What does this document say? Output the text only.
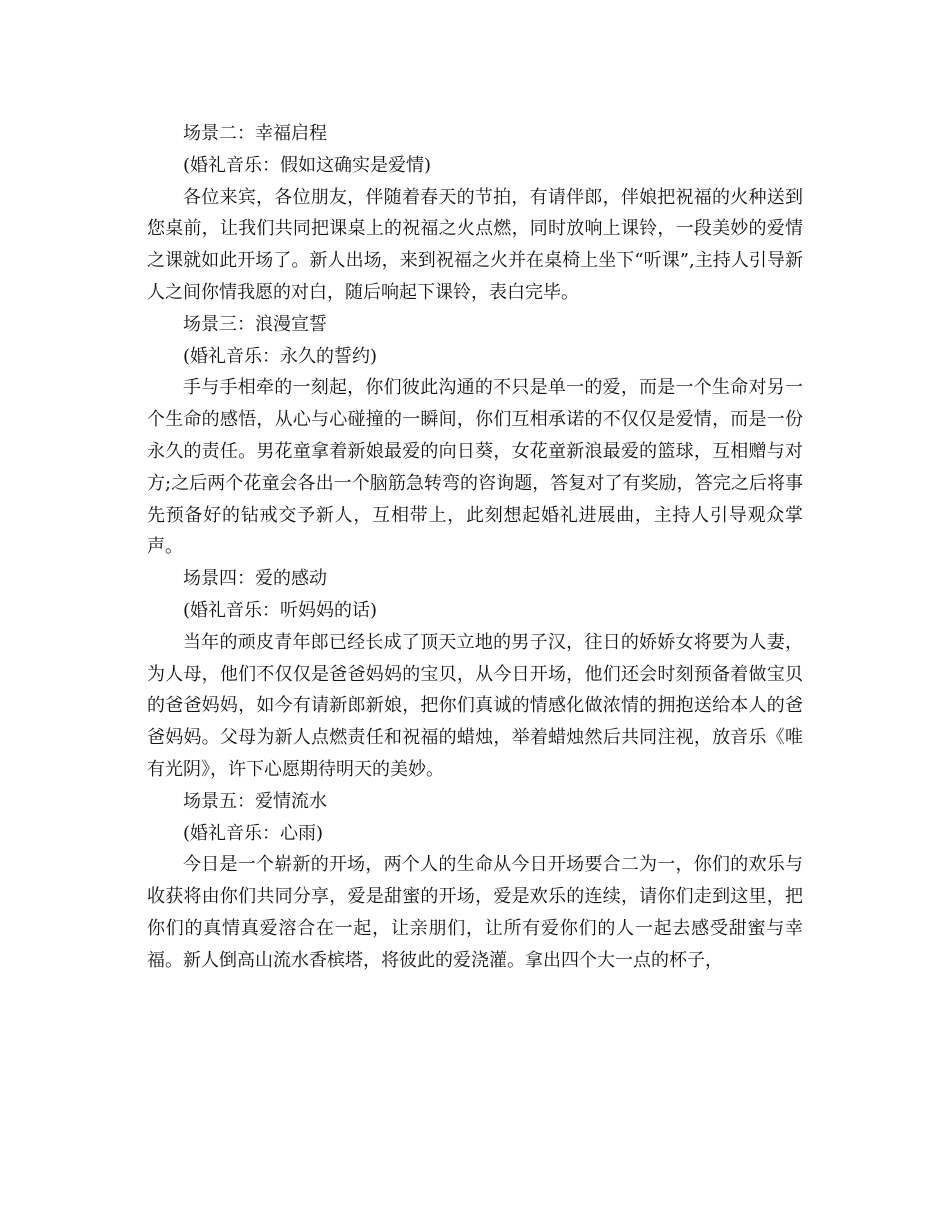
场景二：幸福启程

(婚礼音乐：假如这确实是爱情)

各位来宾，各位朋友，伴随着春天的节拍，有请伴郎，伴娘把祝福的火种送到您桌前，让我们共同把课桌上的祝福之火点燃，同时放响上课铃，一段美妙的爱情之课就如此开场了。新人出场，来到祝福之火并在桌椅上坐下“听课”,主持人引导新人之间你情我愿的对白，随后响起下课铃，表白完毕。

场景三：浪漫宣誓

(婚礼音乐：永久的誓约)

手与手相牵的一刻起，你们彼此沟通的不只是单一的爱，而是一个生命对另一个生命的感悟，从心与心碰撞的一瞬间，你们互相承诺的不仅仅是爱情，而是一份永久的责任。男花童拿着新娘最爱的向日葵，女花童新浪最爱的篮球，互相赠与对方;之后两个花童会各出一个脑筋急转弯的咨询题，答复对了有奖励，答完之后将事先预备好的钻戒交予新人，互相带上，此刻想起婚礼进展曲，主持人引导观众掌声。

场景四：爱的感动

(婚礼音乐：听妈妈的话)

当年的顽皮青年郎已经长成了顶天立地的男子汉，往日的娇娇女将要为人妻，为人母，他们不仅仅是爸爸妈妈的宝贝，从今日开场，他们还会时刻预备着做宝贝的爸爸妈妈，如今有请新郎新娘，把你们真诚的情感化做浓情的拥抱送给本人的爸爸妈妈。父母为新人点燃责任和祝福的蜡烛，举着蜡烛然后共同注视，放音乐《唯有光阴》，许下心愿期待明天的美妙。

场景五：爱情流水

(婚礼音乐：心雨)

今日是一个崭新的开场，两个人的生命从今日开场要合二为一，你们的欢乐与收获将由你们共同分享，爱是甜蜜的开场，爱是欢乐的连续，请你们走到这里，把你们的真情真爱溶合在一起，让亲朋们，让所有爱你们的人一起去感受甜蜜与幸福。新人倒高山流水香槟塔，将彼此的爱浇灌。拿出四个大一点的杯子，
